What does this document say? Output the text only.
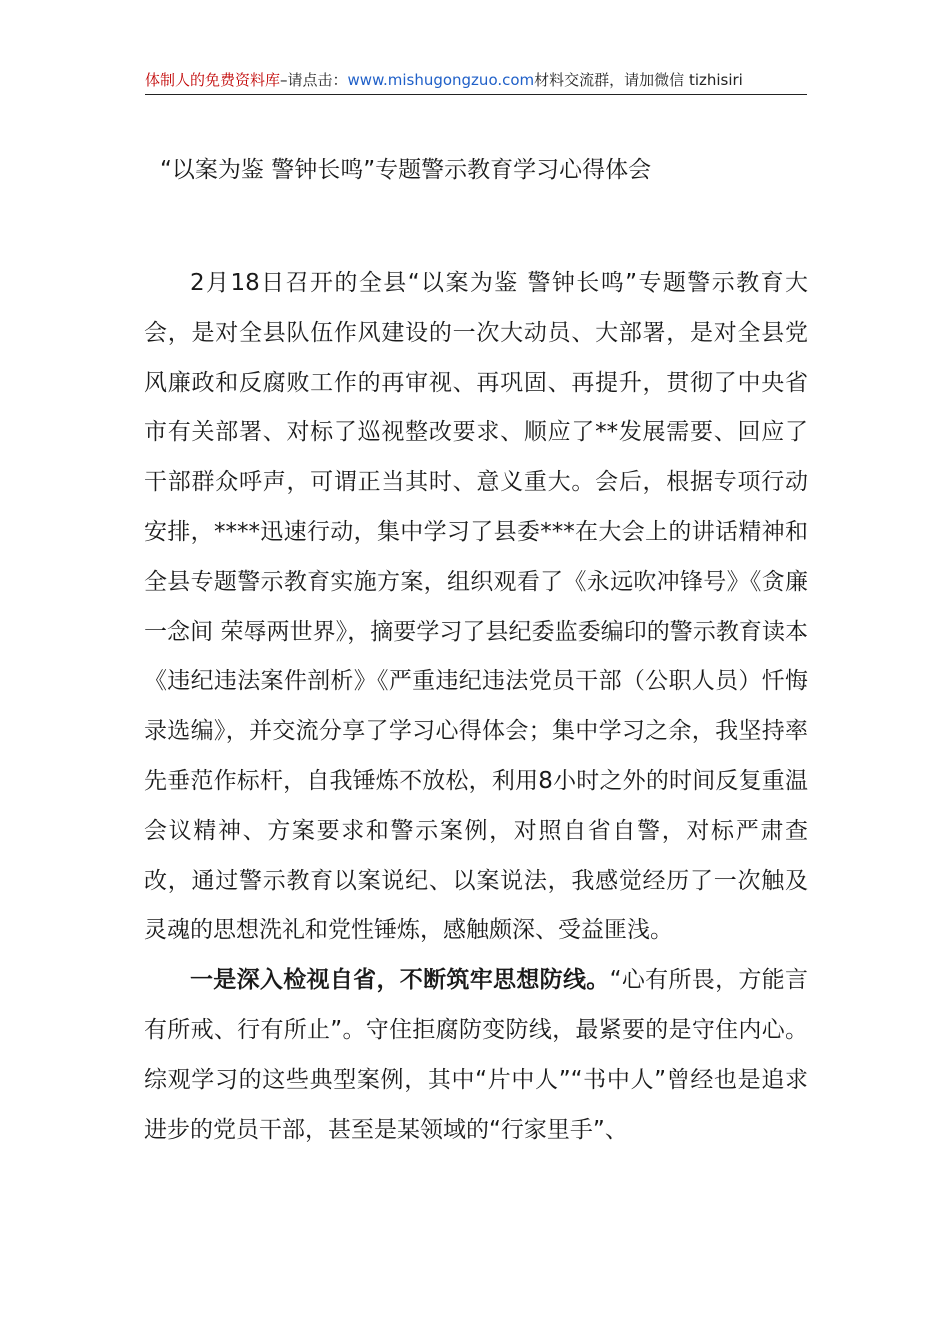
体制人的免费资料库–请点击：www.mishugongzuo.com材料交流群，请加微信 tizhisiri
“以案为鉴 警钟长鸣”专题警示教育学习心得体会

2月18日召开的全县“以案为鉴 警钟长鸣”专题警示教育大会，是对全县队伍作风建设的一次大动员、大部署，是对全县党风廉政和反腐败工作的再审视、再巩固、再提升，贯彻了中央省市有关部署、对标了巡视整改要求、顺应了**发展需要、回应了干部群众呼声，可谓正当其时、意义重大。会后，根据专项行动安排，****迅速行动，集中学习了县委***在大会上的讲话精神和全县专题警示教育实施方案，组织观看了《永远吹冲锋号》《贪廉一念间 荣辱两世界》，摘要学习了县纪委监委编印的警示教育读本《违纪违法案件剖析》《严重违纪违法党员干部（公职人员）忏悔录选编》，并交流分享了学习心得体会；集中学习之余，我坚持率先垂范作标杆，自我锤炼不放松，利用8小时之外的时间反复重温会议精神、方案要求和警示案例，对照自省自警，对标严肃查改，通过警示教育以案说纪、以案说法，我感觉经历了一次触及灵魂的思想洗礼和党性锤炼，感触颇深、受益匪浅。

一是深入检视自省，不断筑牢思想防线。“心有所畏，方能言有所戒、行有所止”。守住拒腐防变防线，最紧要的是守住内心。综观学习的这些典型案例，其中“片中人”“书中人”曾经也是追求进步的党员干部，甚至是某领域的“行家里手”、
